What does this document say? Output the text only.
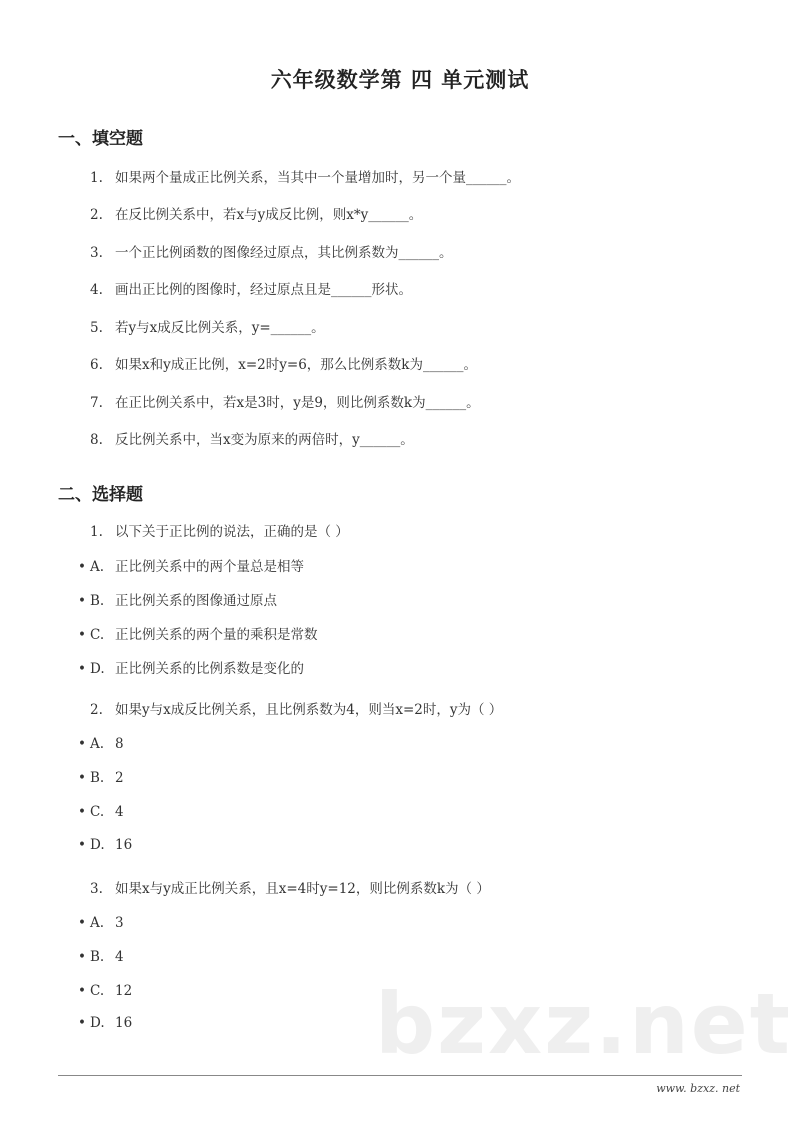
六年级数学第 四 单元测试
一、填空题
1. 如果两个量成正比例关系，当其中一个量增加时，另一个量______。
2. 在反比例关系中，若x与y成反比例，则x*y______。
3. 一个正比例函数的图像经过原点，其比例系数为______。
4. 画出正比例的图像时，经过原点且是______形状。
5. 若y与x成反比例关系，y=______。
6. 如果x和y成正比例，x=2时y=6，那么比例系数k为______。
7. 在正比例关系中，若x是3时，y是9，则比例系数k为______。
8. 反比例关系中，当x变为原来的两倍时，y______。
二、选择题
1. 以下关于正比例的说法，正确的是（ ）
• A. 正比例关系中的两个量总是相等
• B. 正比例关系的图像通过原点
• C. 正比例关系的两个量的乘积是常数
• D. 正比例关系的比例系数是变化的
2. 如果y与x成反比例关系，且比例系数为4，则当x=2时，y为（ ）
• A. 8
• B. 2
• C. 4
• D. 16
3. 如果x与y成正比例关系，且x=4时y=12，则比例系数k为（ ）
• A. 3
• B. 4
• C. 12
• D. 16	bzxz.net
www. bzxz. net
